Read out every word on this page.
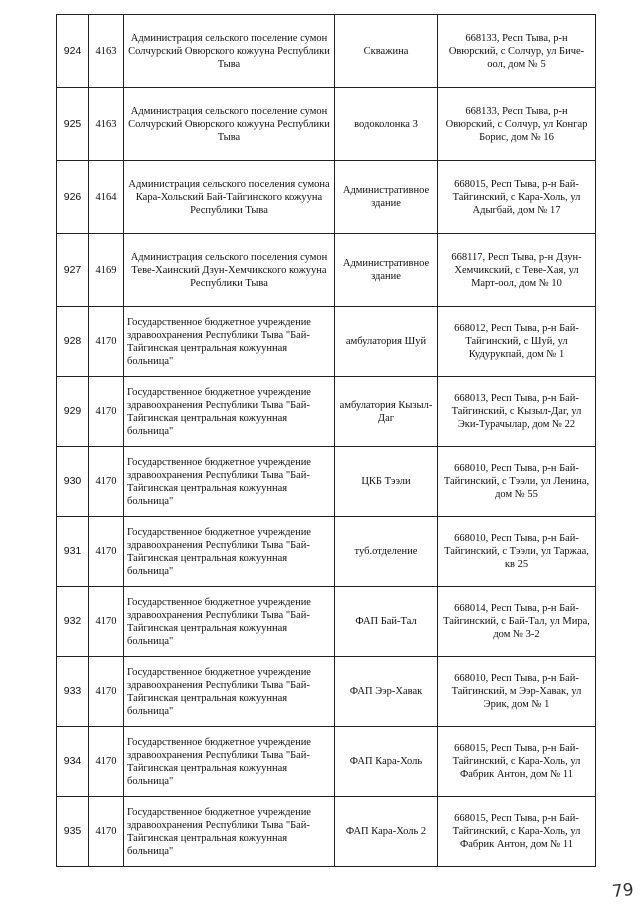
924	4163	Администрация сельского поселение сумон Солчурский Овюрского кожууна Республики Тыва	Скважина	668133, Респ Тыва, р-н Овюрский, с Солчур, ул Биче-оол, дом № 5
925	4163	Администрация сельского поселение сумон Солчурский Овюрского кожууна Республики Тыва	водоколонка 3	668133, Респ Тыва, р-н Овюрский, с Солчур, ул Конгар Борис, дом № 16
926	4164	Администрация сельского поселения сумона Кара-Хольский Бай-Тайгинского кожууна Республики Тыва	Административное здание	668015, Респ Тыва, р-н Бай-Тайгинский, с Кара-Холь, ул Адыгбай, дом № 17
927	4169	Администрация сельского поселения сумон Теве-Хаинский Дзун-Хемчикского кожууна Республики Тыва	Административное здание	668117, Респ Тыва, р-н Дзун-Хемчикский, с Теве-Хая, ул Март-оол, дом № 10
928	4170	Государственное бюджетное учреждение здравоохранения Республики Тыва "Бай-Тайгинская центральная кожуунная больница"	амбулатория Шуй	668012, Респ Тыва, р-н Бай-Тайгинский, с Шуй, ул Кудурукпай, дом № 1
929	4170	Государственное бюджетное учреждение здравоохранения Республики Тыва "Бай-Тайгинская центральная кожуунная больница"	амбулатория Кызыл-Даг	668013, Респ Тыва, р-н Бай-Тайгинский, с Кызыл-Даг, ул Эки-Турачылар, дом № 22
930	4170	Государственное бюджетное учреждение здравоохранения Республики Тыва "Бай-Тайгинская центральная кожуунная больница"	ЦКБ Тээли	668010, Респ Тыва, р-н Бай-Тайгинский, с Тээли, ул Ленина, дом № 55
931	4170	Государственное бюджетное учреждение здравоохранения Республики Тыва "Бай-Тайгинская центральная кожуунная больница"	туб.отделение	668010, Респ Тыва, р-н Бай-Тайгинский, с Тээли, ул Таржаа, кв 25
932	4170	Государственное бюджетное учреждение здравоохранения Республики Тыва "Бай-Тайгинская центральная кожуунная больница"	ФАП Бай-Тал	668014, Респ Тыва, р-н Бай-Тайгинский, с Бай-Тал, ул Мира, дом № 3-2
933	4170	Государственное бюджетное учреждение здравоохранения Республики Тыва "Бай-Тайгинская центральная кожуунная больница"	ФАП Ээр-Хавак	668010, Респ Тыва, р-н Бай-Тайгинский, м Ээр-Хавак, ул Эрик, дом № 1
934	4170	Государственное бюджетное учреждение здравоохранения Республики Тыва "Бай-Тайгинская центральная кожуунная больница"	ФАП Кара-Холь	668015, Респ Тыва, р-н Бай-Тайгинский, с Кара-Холь, ул Фабрик Антон, дом № 11
935	4170	Государственное бюджетное учреждение здравоохранения Республики Тыва "Бай-Тайгинская центральная кожуунная больница"	ФАП Кара-Холь 2	668015, Респ Тыва, р-н Бай-Тайгинский, с Кара-Холь, ул Фабрик Антон, дом № 11
79
